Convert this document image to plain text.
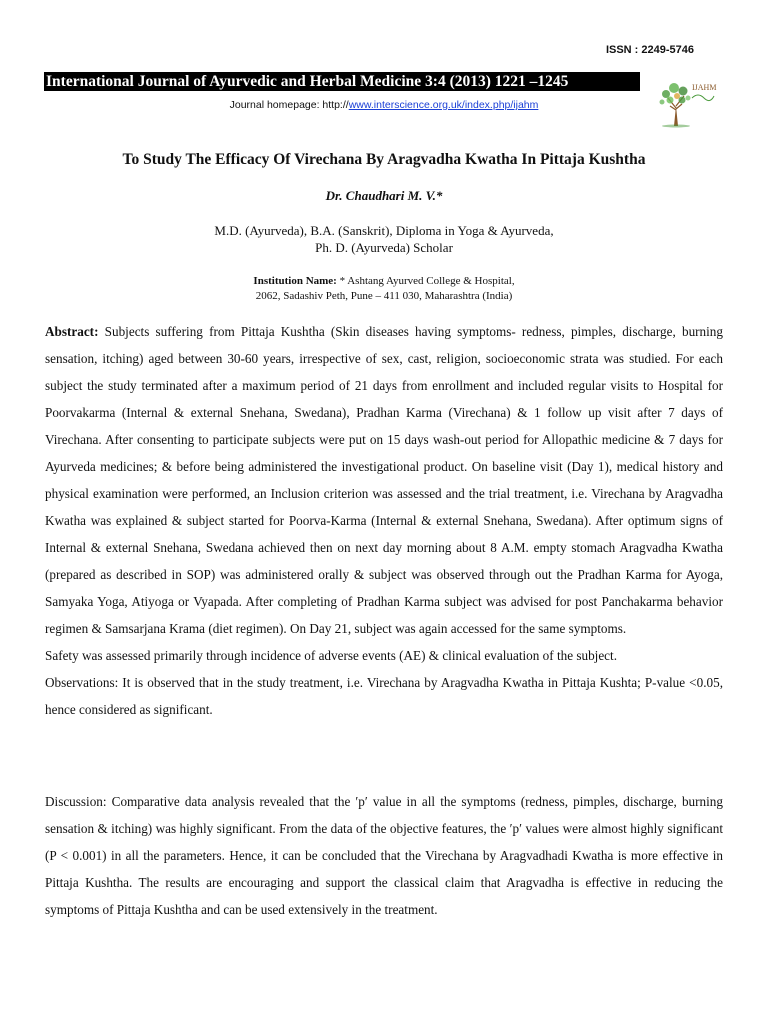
ISSN : 2249-5746
International Journal of Ayurvedic and Herbal Medicine 3:4 (2013) 1221 –1245	IJAHM
Journal homepage: http://www.interscience.org.uk/index.php/ijahm
To Study The Efficacy Of Virechana By Aragvadha Kwatha In Pittaja Kushtha
Dr. Chaudhari M. V.*
M.D. (Ayurveda), B.A. (Sanskrit), Diploma in Yoga & Ayurveda,
Ph. D. (Ayurveda) Scholar
Institution Name: * Ashtang Ayurved College & Hospital,
2062, Sadashiv Peth, Pune – 411 030, Maharashtra (India)

Abstract: Subjects suffering from Pittaja Kushtha (Skin diseases having symptoms- redness, pimples, discharge, burning sensation, itching) aged between 30-60 years, irrespective of sex, cast, religion, socioeconomic strata was studied. For each subject the study terminated after a maximum period of 21 days from enrollment and included regular visits to Hospital for Poorvakarma (Internal & external Snehana, Swedana), Pradhan Karma (Virechana) & 1 follow up visit after 7 days of Virechana. After consenting to participate subjects were put on 15 days wash-out period for Allopathic medicine & 7 days for Ayurveda medicines; & before being administered the investigational product. On baseline visit (Day 1), medical history and physical examination were performed, an Inclusion criterion was assessed and the trial treatment, i.e. Virechana by Aragvadha Kwatha was explained & subject started for Poorva-Karma (Internal & external Snehana, Swedana). After optimum signs of Internal & external Snehana, Swedana achieved then on next day morning about 8 A.M. empty stomach Aragvadha Kwatha (prepared as described in SOP) was administered orally & subject was observed through out the Pradhan Karma for Ayoga, Samyaka Yoga, Atiyoga or Vyapada. After completing of Pradhan Karma subject was advised for post Panchakarma behavior regimen & Samsarjana Krama (diet regimen). On Day 21, subject was again accessed for the same symptoms.

Safety was assessed primarily through incidence of adverse events (AE) & clinical evaluation of the subject.

Observations: It is observed that in the study treatment, i.e. Virechana by Aragvadha Kwatha in Pittaja Kushta; P-value <0.05, hence considered as significant.

Discussion: Comparative data analysis revealed that the ′p′ value in all the symptoms (redness, pimples, discharge, burning sensation & itching) was highly significant. From the data of the objective features, the ′p′ values were almost highly significant (P < 0.001) in all the parameters. Hence, it can be concluded that the Virechana by Aragvadhadi Kwatha is more effective in Pittaja Kushtha. The results are encouraging and support the classical claim that Aragvadha is effective in reducing the symptoms of Pittaja Kushtha and can be used extensively in the treatment.
